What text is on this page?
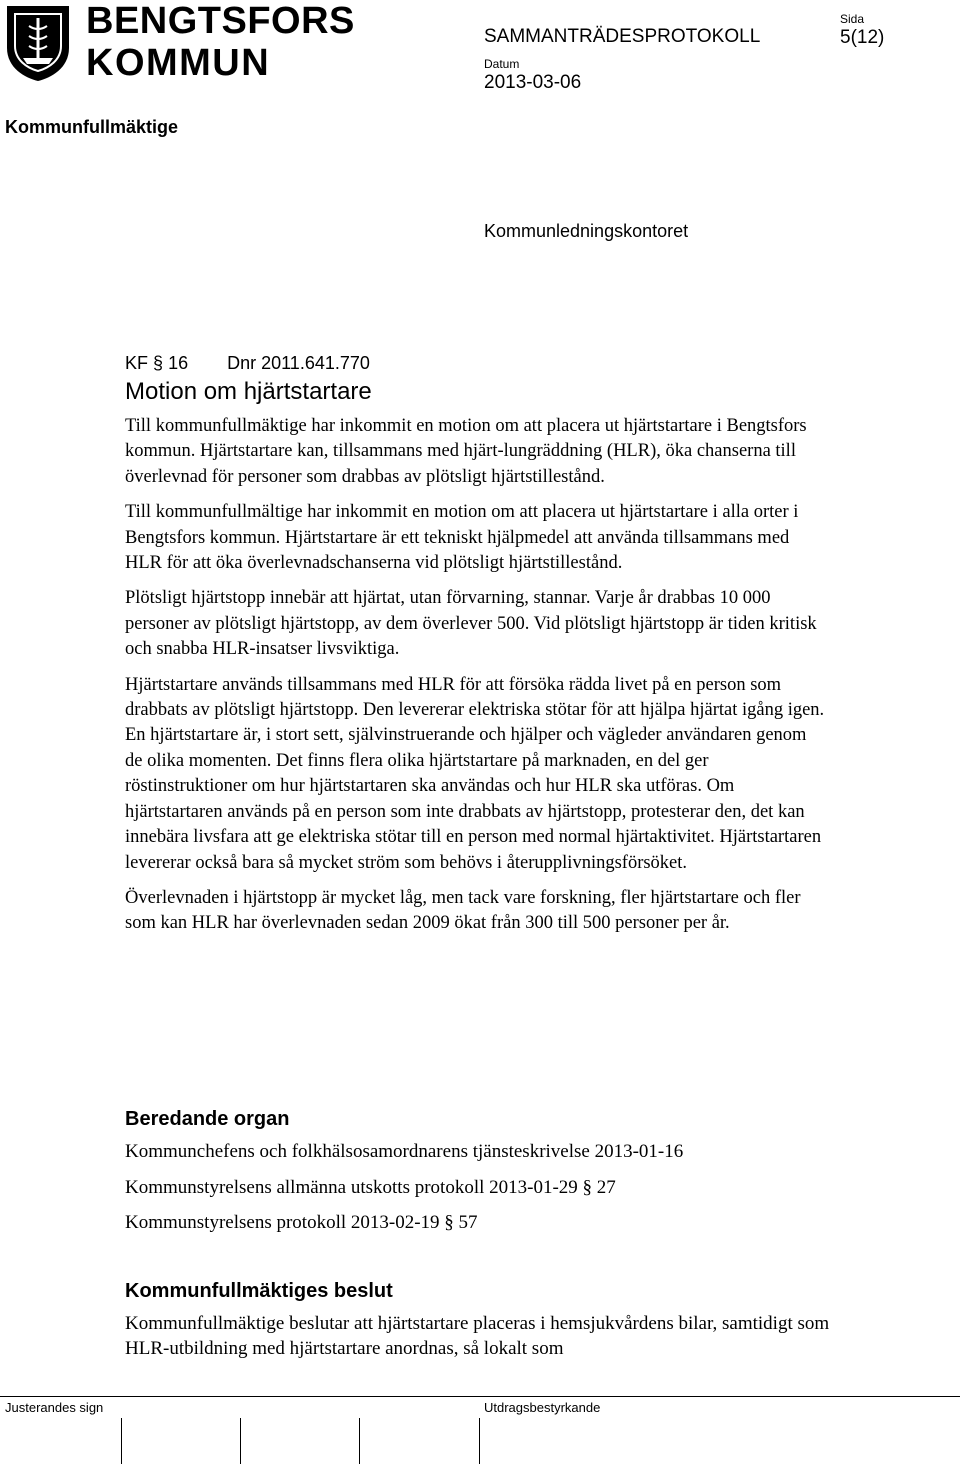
BENGTSFORS
KOMMUN
SAMMANTRÄDESPROTOKOLL
Sida
5(12)
Datum
2013-03-06
Kommunfullmäktige
Kommunledningskontoret
KF § 16 Dnr 2011.641.770
Motion om hjärtstartare

Till kommunfullmäktige har inkommit en motion om att placera ut hjärtstartare i Bengtsfors kommun. Hjärtstartare kan, tillsammans med hjärt-lungräddning (HLR), öka chanserna till överlevnad för personer som drabbas av plötsligt hjärtstillestånd.

Till kommunfullmältige har inkommit en motion om att placera ut hjärtstartare i alla orter i Bengtsfors kommun. Hjärtstartare är ett tekniskt hjälpmedel att använda tillsammans med HLR för att öka överlevnadschanserna vid plötsligt hjärtstillestånd.

Plötsligt hjärtstopp innebär att hjärtat, utan förvarning, stannar. Varje år drabbas 10 000 personer av plötsligt hjärtstopp, av dem överlever 500. Vid plötsligt hjärtstopp är tiden kritisk och snabba HLR-insatser livsviktiga.

Hjärtstartare används tillsammans med HLR för att försöka rädda livet på en person som drabbats av plötsligt hjärtstopp. Den levererar elektriska stötar för att hjälpa hjärtat igång igen. En hjärtstartare är, i stort sett, självinstruerande och hjälper och vägleder användaren genom de olika momenten. Det finns flera olika hjärtstartare på marknaden, en del ger röstinstruktioner om hur hjärtstartaren ska användas och hur HLR ska utföras. Om hjärtstartaren används på en person som inte drabbats av hjärtstopp, protesterar den, det kan innebära livsfara att ge elektriska stötar till en person med normal hjärtaktivitet. Hjärtstartaren levererar också bara så mycket ström som behövs i återupplivningsförsöket.

Överlevnaden i hjärtstopp är mycket låg, men tack vare forskning, fler hjärtstartare och fler som kan HLR har överlevnaden sedan 2009 ökat från 300 till 500 personer per år.

Beredande organ
Kommunchefens och folkhälsosamordnarens tjänsteskrivelse 2013-01-16
Kommunstyrelsens allmänna utskotts protokoll 2013-01-29 § 27
Kommunstyrelsens protokoll 2013-02-19 § 57
Kommunfullmäktiges beslut
Kommunfullmäktige beslutar att hjärtstartare placeras i hemsjukvårdens bilar, samtidigt som HLR-utbildning med hjärtstartare anordnas, så lokalt som
Justerandes sign	Utdragsbestyrkande
